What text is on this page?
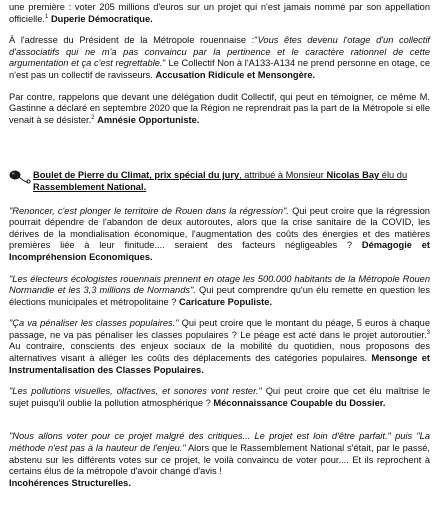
une première : voter 205 millions d'euros sur un projet qui n'est jamais nommé par son appellation officielle.$^1$ Duperie Démocratique.

À l'adresse du Président de la Métropole rouennaise :"Vous êtes devenu l'otage d'un collectif d'associatifs qui ne m'a pas convaincu par la pertinence et le caractère rationnel de cette argumentation et ça c'est regrettable." Le Collectif Non à l'A133-A134 ne prend personne en otage, ce n'est pas un collectif de ravisseurs. Accusation Ridicule et Mensongère.

Par contre, rappelons que devant une délégation dudit Collectif, qui peut en témoigner, ce même M. Gastinne a déclaré en septembre 2020 que la Région ne reprendrait pas la part de la Métropole si elle venait à se désister.$^2$ Amnésie Opportuniste.

Boulet de Pierre du Climat, prix spécial du jury, attribué à Monsieur Nicolas Bay élu du Rassemblement National.

"Renoncer, c'est plonger le territoire de Rouen dans la régression". Qui peut croire que la régression pourrait dépendre de l'abandon de deux autoroutes, alors que la crise sanitaire de la COVID, les dérives de la mondialisation économique, l'augmentation des coûts des énergies et des matières premières liée à leur finitude.... seraient des facteurs négligeables ? Démagogie et Incompréhension Economiques.

"Les électeurs écologistes rouennais prennent en otage les 500.000 habitants de la Métropole Rouen Normandie et les 3,3 millions de Normands". Qui peut comprendre qu'un élu remette en question les élections municipales et métropolitaine ? Caricature Populiste.

"Ça va pénaliser les classes populaires." Qui peut croire que le montant du péage, 5 euros à chaque passage, ne va pas pénaliser les classes populaires ? Le péage est acté dans le projet autoroutier.$^3$ Au contraire, conscients des enjeux sociaux de la mobilité du quotidien, nous proposons des alternatives visant à alléger les coûts des déplacements des catégories populaires. Mensonge et Instrumentalisation des Classes Populaires.

"Les pollutions visuelles, olfactives, et sonores vont rester." Qui peut croire que cet élu maîtrise le sujet puisqu'il oublie la pollution atmosphérique ? Méconnaissance Coupable du Dossier.

"Nous allons voter pour ce projet malgré des critiques... Le projet est loin d'être parfait." puis "La méthode n'est pas à la hauteur de l'enjeu." Alors que le Rassemblement National s'était, par le passé, abstenu sur les différents votes sur ce projet, le voilà convaincu de voter pour.... Et ils reprochent à certains élus de la métropole d'avoir changé d'avis !
Incohérences Structurelles.
